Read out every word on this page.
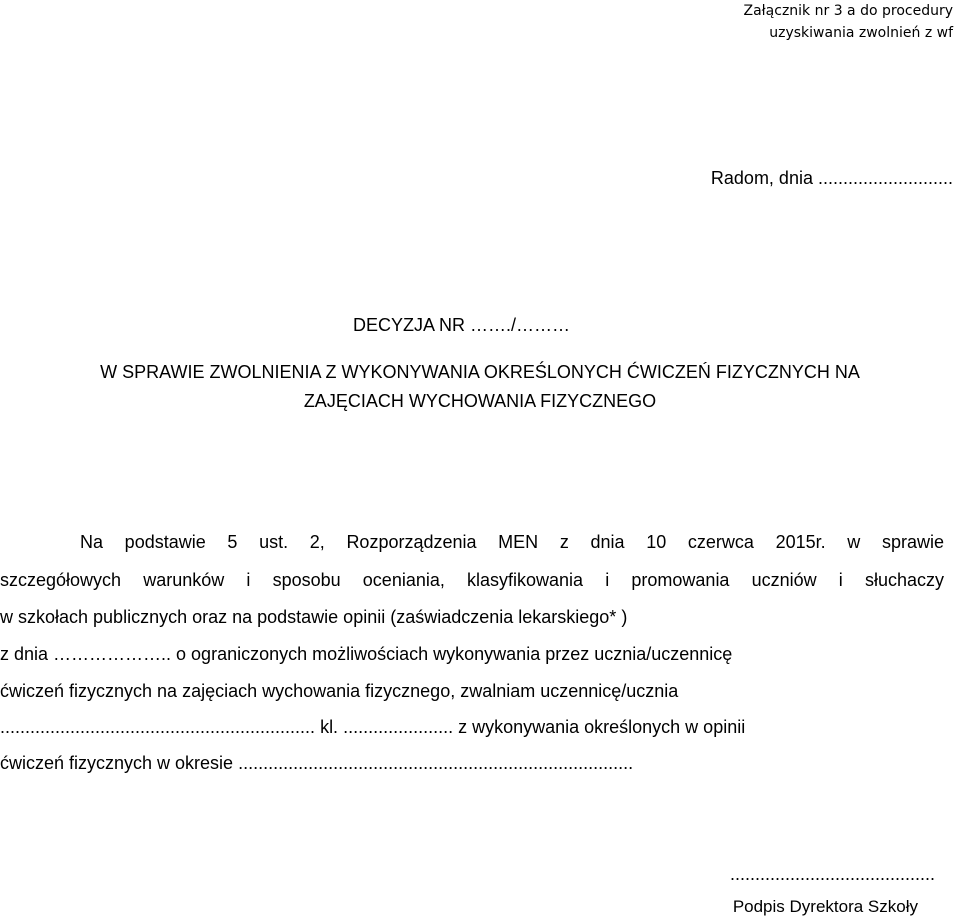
Załącznik nr 3 a do procedury
uzyskiwania zwolnień z wf
Radom, dnia ...........................
DECYZJA NR ……./………
W SPRAWIE ZWOLNIENIA Z WYKONYWANIA OKREŚLONYCH ĆWICZEŃ FIZYCZNYCH NA
ZAJĘCIACH WYCHOWANIA FIZYCZNEGO
Na podstawie 5 ust. 2, Rozporządzenia MEN z dnia 10 czerwca 2015r. w sprawie
szczegółowych warunków i sposobu oceniania, klasyfikowania i promowania uczniów i słuchaczy
w szkołach publicznych oraz na podstawie opinii (zaświadczenia lekarskiego* )
z dnia ……………….. o ograniczonych możliwościach wykonywania przez ucznia/uczennicę
ćwiczeń fizycznych na zajęciach wychowania fizycznego, zwalniam uczennicę/ucznia
............................................................... kl. ...................... z wykonywania określonych w opinii
ćwiczeń fizycznych w okresie ...............................................................................
.........................................
Podpis Dyrektora Szkoły
